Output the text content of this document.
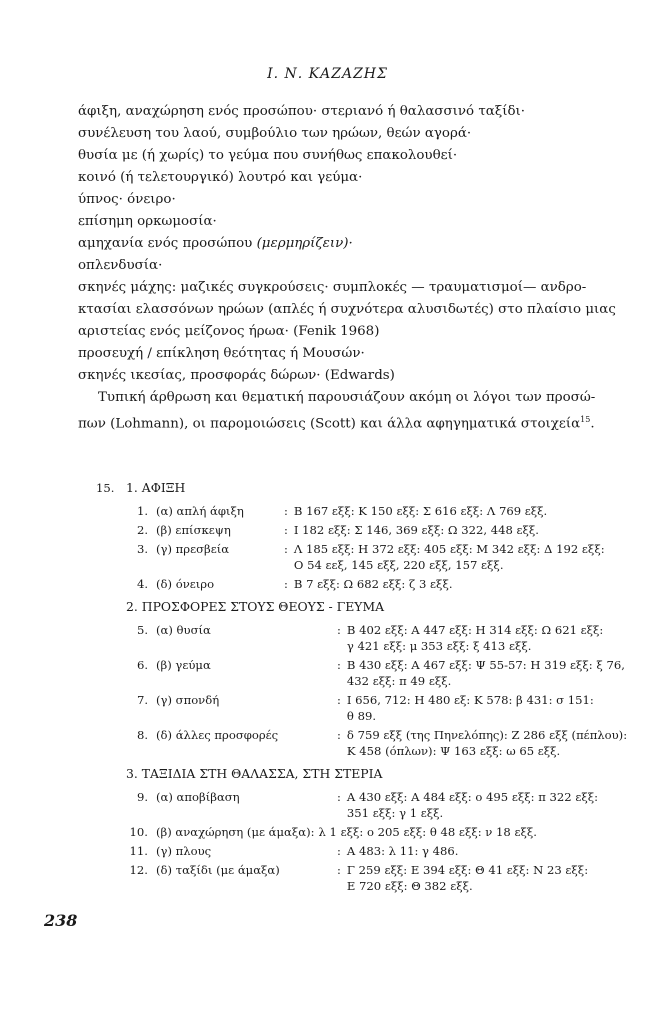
Ι. Ν. ΚΑΖΑΖΗΣ
άφιξη, αναχώρηση ενός προσώπου· στεριανό ή θαλασσινό ταξίδι·
συνέλευση του λαού, συμβούλιο των ηρώων, θεών αγορά·
θυσία με (ή χωρίς) το γεύμα που συνήθως επακολουθεί·
κοινό (ή τελετουργικό) λουτρό και γεύμα·
ύπνος· όνειρο·
επίσημη ορκωμοσία·
αμηχανία ενός προσώπου (μερμηρίζειν)·
οπλενδυσία·
σκηνές μάχης: μαζικές συγκρούσεις· συμπλοκές — τραυματισμοί— ανδρο-
κτασίαι ελασσόνων ηρώων (απλές ή συχνότερα αλυσιδωτές) στο πλαίσιο μιας
αριστείας ενός μείζονος ήρωα· (Fenik 1968)
προσευχή / επίκληση θεότητας ή Μουσών·
σκηνές ικεσίας, προσφοράς δώρων· (Edwards)
Τυπική άρθρωση και θεματική παρουσιάζουν ακόμη οι λόγοι των προσώ-
πων (Lohmann), οι παρομοιώσεις (Scott) και άλλα αφηγηματικά στοιχεία$^{15}$.
15. 1. ΑΦΙΞΗ
1. (α) απλή άφιξη	: Β 167 εξξ: Κ 150 εξξ: Σ 616 εξξ: Λ 769 εξξ.
2. (β) επίσκεψη	: Ι 182 εξξ: Σ 146, 369 εξξ: Ω 322, 448 εξξ.
3. (γ) πρεσβεία	: Λ 185 εξξ: Η 372 εξξ: 405 εξξ: Μ 342 εξξ: Δ 192 εξξ:
Ο 54 εεξ, 145 εξξ, 220 εξξ, 157 εξξ.
4. (δ) όνειρο	: Β 7 εξξ: Ω 682 εξξ: ζ 3 εξξ.
2. ΠΡΟΣΦΟΡΕΣ ΣΤΟΥΣ ΘΕΟΥΣ - ΓΕΥΜΑ
5. (α) θυσία	: Β 402 εξξ: Α 447 εξξ: Η 314 εξξ: Ω 621 εξξ:
γ 421 εξξ: μ 353 εξξ: ξ 413 εξξ.
6. (β) γεύμα	: Β 430 εξξ: Α 467 εξξ: Ψ 55-57: Η 319 εξξ: ξ 76,
432 εξξ: π 49 εξξ.
7. (γ) σπονδή	: Ι 656, 712: Η 480 εξ: Κ 578: β 431: σ 151:
θ 89.
8. (δ) άλλες προσφορές	: δ 759 εξξ (της Πηνελόπης): Ζ 286 εξξ (πέπλου):
Κ 458 (όπλων): Ψ 163 εξξ: ω 65 εξξ.
3. ΤΑΞΙΔΙΑ ΣΤΗ ΘΑΛΑΣΣΑ, ΣΤΗ ΣΤΕΡΙΑ
9. (α) αποβίβαση	: Α 430 εξξ: Α 484 εξξ: ο 495 εξξ: π 322 εξξ:
351 εξξ: γ 1 εξξ.
10. (β) αναχώρηση (με άμαξα) : λ 1 εξξ: ο 205 εξξ: θ 48 εξξ: ν 18 εξξ.
11. (γ) πλους	: Α 483: λ 11: γ 486.
12. (δ) ταξίδι (με άμαξα)	: Γ 259 εξξ: Ε 394 εξξ: Θ 41 εξξ: Ν 23 εξξ:
Ε 720 εξξ: Θ 382 εξξ.
238
